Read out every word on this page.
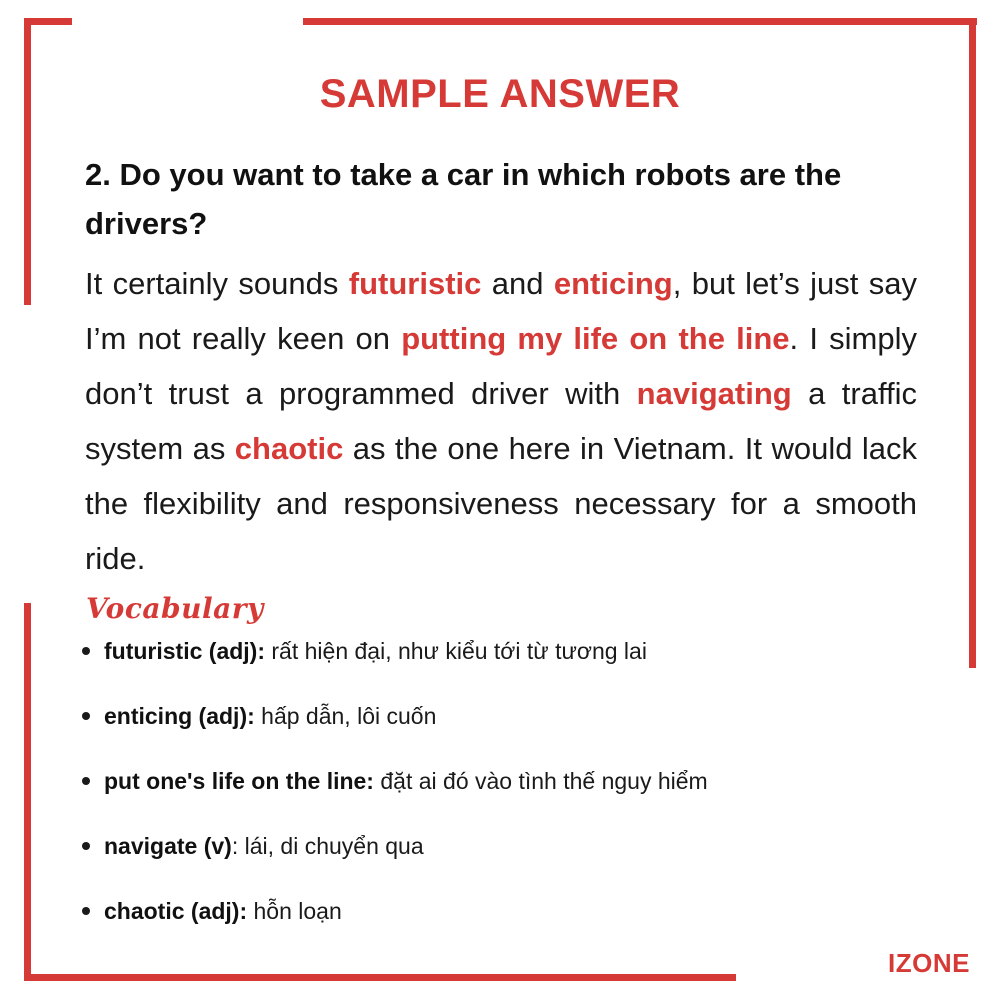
SAMPLE ANSWER

2. Do you want to take a car in which robots are the drivers?

It certainly sounds futuristic and enticing, but let’s just say I’m not really keen on putting my life on the line. I simply don’t trust a programmed driver with navigating a traffic system as chaotic as the one here in Vietnam. It would lack the flexibility and responsiveness necessary for a smooth ride.

Vocabulary
futuristic (adj): rất hiện đại, như kiểu tới từ tương lai
enticing (adj): hấp dẫn, lôi cuốn
put one's life on the line: đặt ai đó vào tình thế nguy hiểm
navigate (v): lái, di chuyển qua
chaotic (adj): hỗn loạn
IZONE
